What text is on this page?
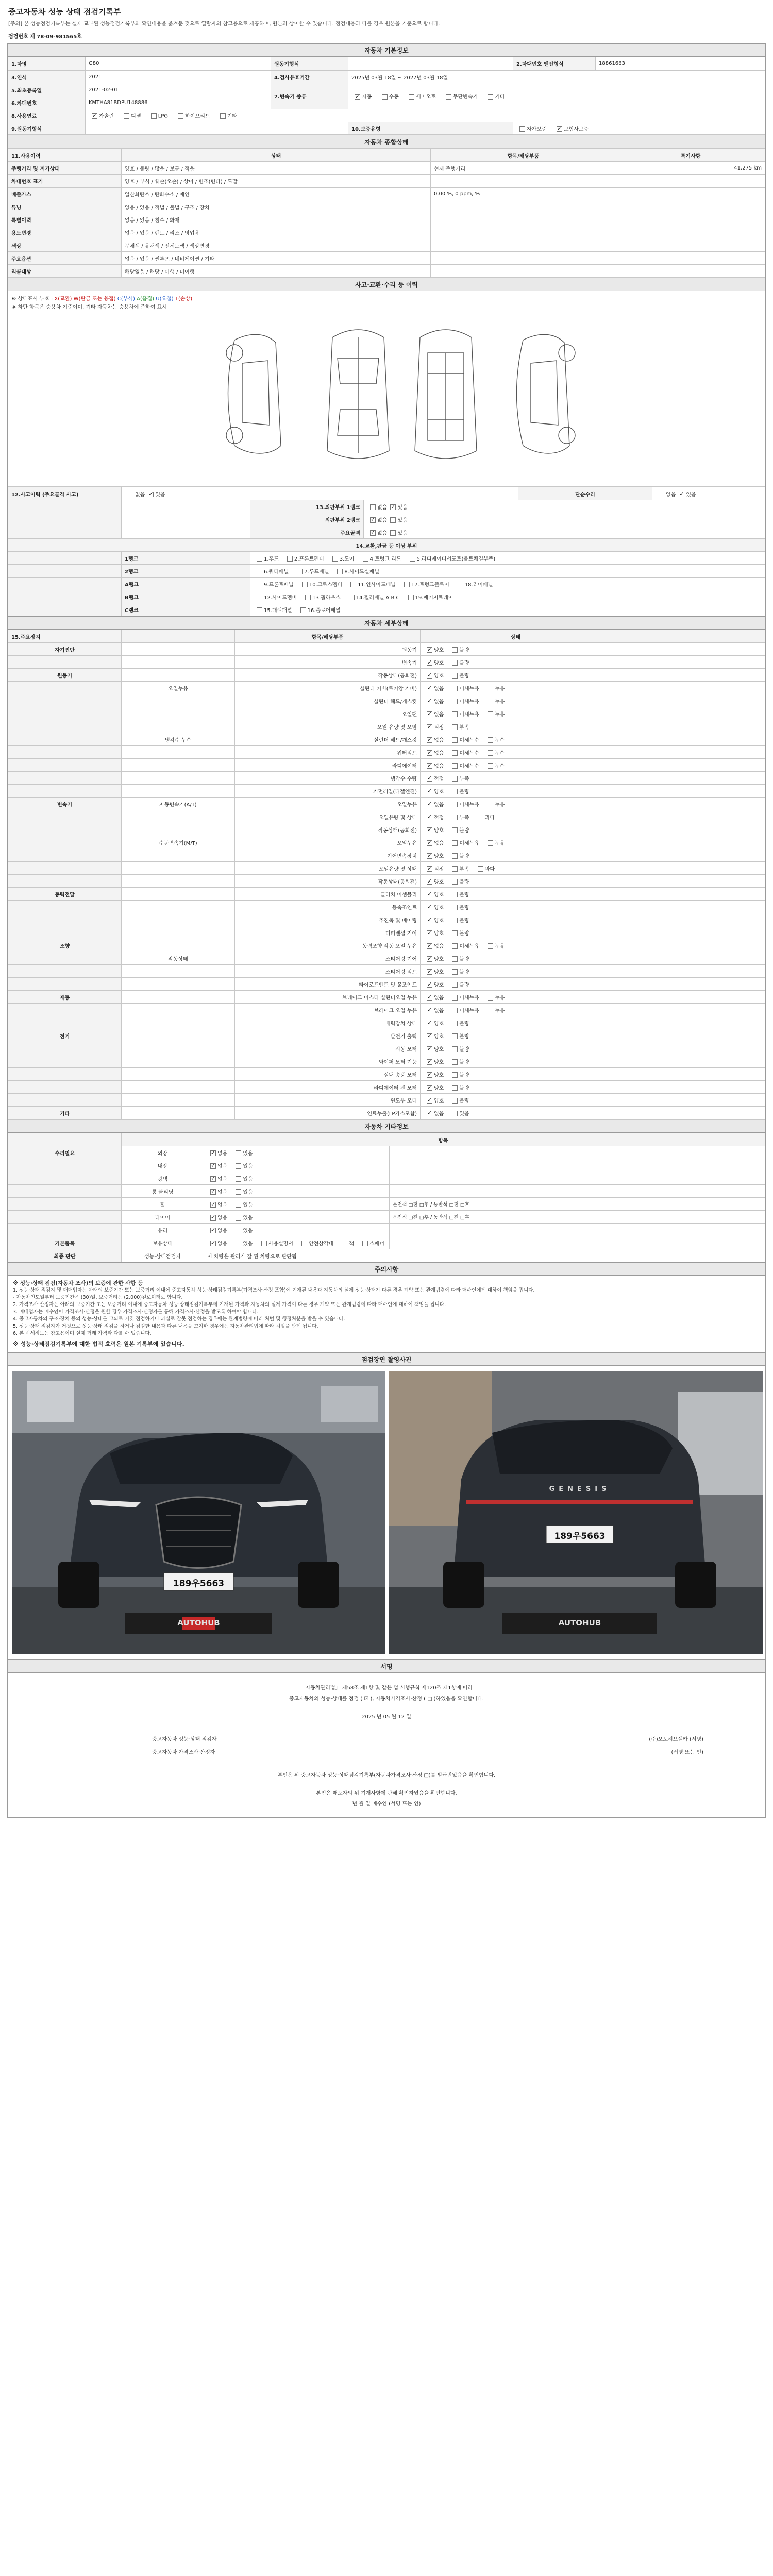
중고자동차 성능 상태 점검기록부
[주의] 본 성능점검기록부는 실제 교부된 성능점검기록부의 확인내용을 옮겨둔 것으로 열람자의 참고용으로 제공하며, 원본과 상이할 수 있습니다. 점검내용과 다를 경우 원본을 기준으로 합니다.
점검번호 제 78-09-981565호
자동차 기본정보
1.차명	G80	원동기형식		2.차대번호 엔진형식	18861663
3.연식	2021	4.검사유효기간	2025년 03월 18일 ~ 2027년 03월 18일		
5.최초등록일	2021-02-01	7.변속기 종류	✓자동 수동 세미오토 무단변속기 기타
6.차대번호	KMTHA81BDPU148886				
8.사용연료	✓가솔린 디젤 LPG 하이브리드 기타
9.원동기형식			10.보증유형	자가보증 ✓ 보험사보증
자동차 종합상태
11.사용이력	상태	항목/해당부품	특기사항
주행거리 및 계기상태	양호 / 불량 / 많음 / 보통 / 적음	현재 주행거리	41,275 km
차대번호 표기	양호 / 부식 / 훼손(오손) / 상이 / 변조(변타) / 도말		
배출가스	일산화탄소 / 탄화수소 / 매연	0.00 %, 0 ppm, %	
튜닝	없음 / 있음 / 적법 / 불법 / 구조 / 장치		
특별이력	없음 / 있음 / 침수 / 화재		
용도변경	없음 / 있음 / 렌트 / 리스 / 영업용		
색상	무채색 / 유채색 / 전체도색 / 색상변경		
주요옵션	없음 / 있음 / 썬루프 / 네비게이션 / 기타		
리콜대상	해당없음 / 해당 / 이행 / 미이행		
사고·교환·수리 등 이력
※ 상태표시 부호 : X(교환) W(판금 또는 용접) C(부식) A(흠집) U(요철) T(손상)
※ 하단 항목은 승용차 기준이며, 기타 자동차는 승용차에 준하여 표시
12.사고이력 (주요골격 사고)	없음 ✓ 있음			단순수리	없음 ✓ 있음
		13.외판부위 1랭크	없음 ✓ 있음
		외판부위 2랭크	✓없음 있음
		주요골격	✓없음 있음
14.교환,판금 등 이상 부위					
	1랭크	1.후드 2.프론트펜더 3.도어 4.트렁크 리드 5.라디에이터서포트(볼트체결부품)			
	2랭크	6.쿼터패널 7.루프패널 8.사이드실패널			
	A랭크	9.프론트패널 10.크로스멤버 11.인사이드패널 17.트렁크플로어 18.리어패널			
	B랭크	12.사이드멤버 13.휠하우스 14.필러패널 A B C 19.패키지트레이			
	C랭크	15.대쉬패널 16.플로어패널			
자동차 세부상태
15.주요장치		항목/해당부품	상태	
자기진단		원동기	✓양호 불량	
		변속기	✓양호 불량	
원동기		작동상태(공회전)	✓양호 불량	
	오일누유	실린더 커버(로커암 커버)	✓없음 미세누유 누유	
		실린더 헤드/개스킷	✓없음 미세누유 누유	
		오일팬	✓없음 미세누유 누유	
		오일 유량 및 오염	✓적정 부족	
	냉각수 누수	실린더 헤드/개스킷	✓없음 미세누수 누수	
		워터펌프	✓없음 미세누수 누수	
		라디에이터	✓없음 미세누수 누수	
		냉각수 수량	✓적정 부족	
		커먼레일(디젤엔진)	✓양호 불량	
변속기	자동변속기(A/T)	오일누유	✓없음 미세누유 누유	
		오일유량 및 상태	✓적정 부족 과다	
		작동상태(공회전)	✓양호 불량	
	수동변속기(M/T)	오일누유	✓없음 미세누유 누유	
		기어변속장치	✓양호 불량	
		오일유량 및 상태	✓적정 부족 과다	
		작동상태(공회전)	✓양호 불량	
동력전달		클러치 어셈블리	✓양호 불량	
		등속조인트	✓양호 불량	
		추진축 및 베어링	✓양호 불량	
		디퍼렌셜 기어	✓양호 불량	
조향		동력조향 작동 오일 누유	✓없음 미세누유 누유	
	작동상태	스티어링 기어	✓양호 불량	
		스티어링 펌프	✓양호 불량	
		타이로드엔드 및 볼조인트	✓양호 불량	
제동		브레이크 마스터 실린더오일 누유	✓없음 미세누유 누유	
		브레이크 오일 누유	✓없음 미세누유 누유	
		배력장치 상태	✓양호 불량	
전기		발전기 출력	✓양호 불량	
		시동 모터	✓양호 불량	
		와이퍼 모터 기능	✓양호 불량	
		실내 송풍 모터	✓양호 불량	
		라디에이터 팬 모터	✓양호 불량	
		윈도우 모터	✓양호 불량	
기타		연료누출(LP가스포함)	✓없음 있음	
자동차 기타정보
	항목		
수리필요	외장	✓없음 있음	
	내장	✓없음 있음	
	광택	✓없음 있음	
	룸 클리닝	✓없음 있음	
	휠	✓없음 있음	운전석 □전 □후 / 동반석 □전 □후
	타이어	✓없음 있음	운전석 □전 □후 / 동반석 □전 □후
	유리	✓없음 있음	
기본품목	보유상태	✓없음 있음 사용설명서 안전삼각대 잭 스패너	
최종 판단	성능·상태점검자	이 차량은 관리가 잘 된 차량으로 판단됨	
주의사항
※ 성능·상태 점검(자동차 조사)의 보증에 관한 사항 등
1. 성능·상태 점검자 및 매매업자는 아래의 보증기간 또는 보증거리 이내에 중고자동차 성능·상태점검기록부(가격조사·산정 포함)에 기재된 내용과 자동차의 실제 성능·상태가 다른 경우 계약 또는 관계법령에 따라 매수인에게 대하여 책임을 집니다.
- 자동차인도일부터 보증기간은 (30)일, 보증거리는 (2,000)킬로미터로 합니다.
2. 가격조사·산정자는 아래의 보증기간 또는 보증거리 이내에 중고자동차 성능·상태점검기록부에 기재된 가격과 자동차의 실제 가격이 다른 경우 계약 또는 관계법령에 따라 매수인에 대하여 책임을 집니다.
3. 매매업자는 매수인이 가격조사·산정을 원할 경우 가격조사·산정자를 통해 가격조사·산정을 받도록 하여야 합니다.
4. 중고자동차의 구조·장치 등의 성능·상태를 고의로 거짓 점검하거나 과실로 잘못 점검하는 경우에는 관계법령에 따라 처벌 및 행정처분을 받을 수 있습니다.
5. 성능·상태 점검자가 거짓으로 성능·상태 점검을 하거나 점검한 내용과 다른 내용을 고지한 경우에는 자동차관리법에 따라 처벌을 받게 됩니다.
6. 본 시세정보는 참고용이며 실제 거래 가격과 다를 수 있습니다.
※ 성능·상태점검기록부에 대한 법적 효력은 원본 기록부에 있습니다.
점검장면 촬영사진
189우5663
AUTOHUB
GENESIS
189우5663
AUTOHUB
서명
「자동차관리법」 제58조 제1항 및 같은 법 시행규칙 제120조 제1항에 따라
중고자동차의 성능·상태를 점검 ( ☑ ), 자동차가격조사·산정 ( □ )하였음을 확인합니다.
2025 년 05 월 12 일
중고자동차 성능·상태 점검자	(주)오토허브셀카 (서명)
중고자동차 가격조사·산정자	(서명 또는 인)
본인은 위 중고자동차 성능·상태점검기록부(자동차가격조사·산정 □)를 발급받았음을 확인합니다.
본인은 매도자의 위 기재사항에 관해 확인하였음을 확인합니다.
년 월 일 매수인 (서명 또는 인)
